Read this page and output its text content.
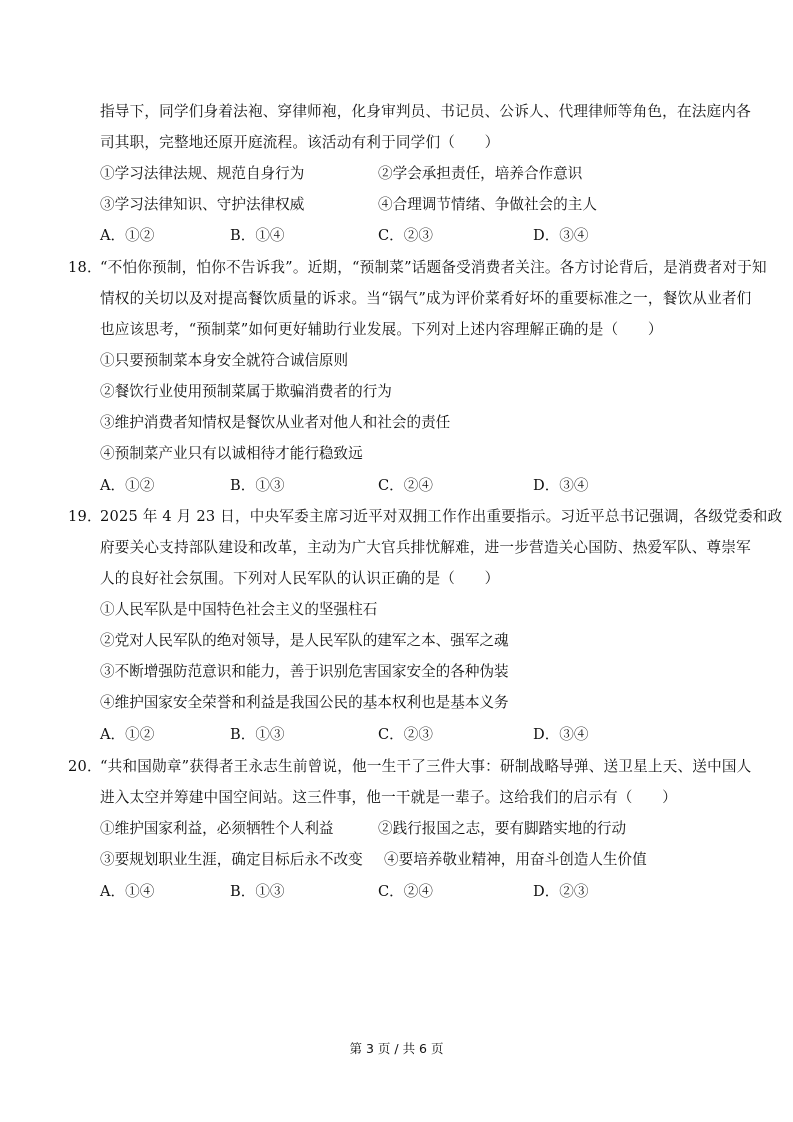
指导下，同学们身着法袍、穿律师袍，化身审判员、书记员、公诉人、代理律师等角色，在法庭内各
司其职，完整地还原开庭流程。该活动有利于同学们（　　）
①学习法律法规、规范自身行为	②学会承担责任，培养合作意识
③学习法律知识、守护法律权威	④合理调节情绪、争做社会的主人
A．①②	B．①④	C．②③	D．③④
18．
“不怕你预制，怕你不告诉我”。近期，“预制菜”话题备受消费者关注。各方讨论背后，是消费者对于知
情权的关切以及对提高餐饮质量的诉求。当“锅气”成为评价菜肴好坏的重要标准之一，餐饮从业者们
也应该思考，“预制菜”如何更好辅助行业发展。下列对上述内容理解正确的是（　　）
①只要预制菜本身安全就符合诚信原则
②餐饮行业使用预制菜属于欺骗消费者的行为
③维护消费者知情权是餐饮从业者对他人和社会的责任
④预制菜产业只有以诚相待才能行稳致远
A．①②	B．①③	C．②④	D．③④
19．
2025 年 4 月 23 日，中央军委主席习近平对双拥工作作出重要指示。习近平总书记强调，各级党委和政
府要关心支持部队建设和改革，主动为广大官兵排忧解难，进一步营造关心国防、热爱军队、尊崇军
人的良好社会氛围。下列对人民军队的认识正确的是（　　）
①人民军队是中国特色社会主义的坚强柱石
②党对人民军队的绝对领导，是人民军队的建军之本、强军之魂
③不断增强防范意识和能力，善于识别危害国家安全的各种伪装
④维护国家安全荣誉和利益是我国公民的基本权利也是基本义务
A．①②	B．①③	C．②③	D．③④
20．
“共和国勋章”获得者王永志生前曾说，他一生干了三件大事：研制战略导弹、送卫星上天、送中国人
进入太空并筹建中国空间站。这三件事，他一干就是一辈子。这给我们的启示有（　　）
①维护国家利益，必须牺牲个人利益	②践行报国之志，要有脚踏实地的行动
③要规划职业生涯，确定目标后永不改变 ④要培养敬业精神，用奋斗创造人生价值
A．①④	B．①③	C．②④	D．②③
第 3 页 / 共 6 页
